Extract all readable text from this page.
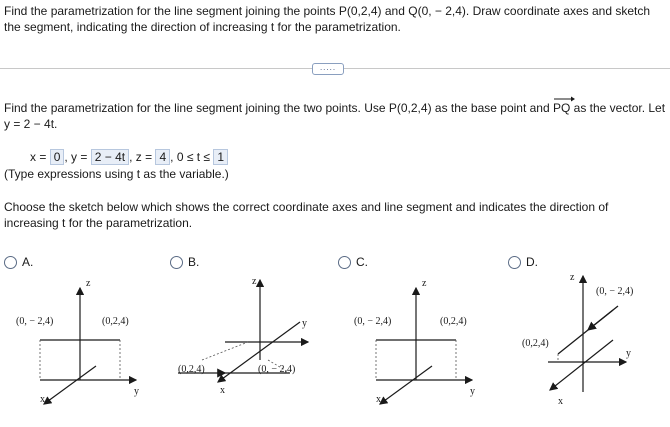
Find the parametrization for the line segment joining the points P(0,2,4) and Q(0, − 2,4). Draw coordinate axes and sketch the segment, indicating the direction of increasing t for the parametrization.
.....
Find the parametrization for the line segment joining the two points. Use P(0,2,4) as the base point and
PQ as the vector. Let y = 2 − 4t.
x = 0 , y = 2 − 4t , z = 4 , 0 ≤ t ≤ 1
(Type expressions using t as the variable.)
Choose the sketch below which shows the correct coordinate axes and line segment and indicates the direction of increasing t for the parametrization.
A.
(0, − 2,4)	(0,2,4)
z
y
x
B.
(0,2,4)	(0, − 2,4)
z
y
x
C.
(0, − 2,4)	(0,2,4)
z
y
x
D.
(0,2,4)
(0, − 2,4)
z
y
x
